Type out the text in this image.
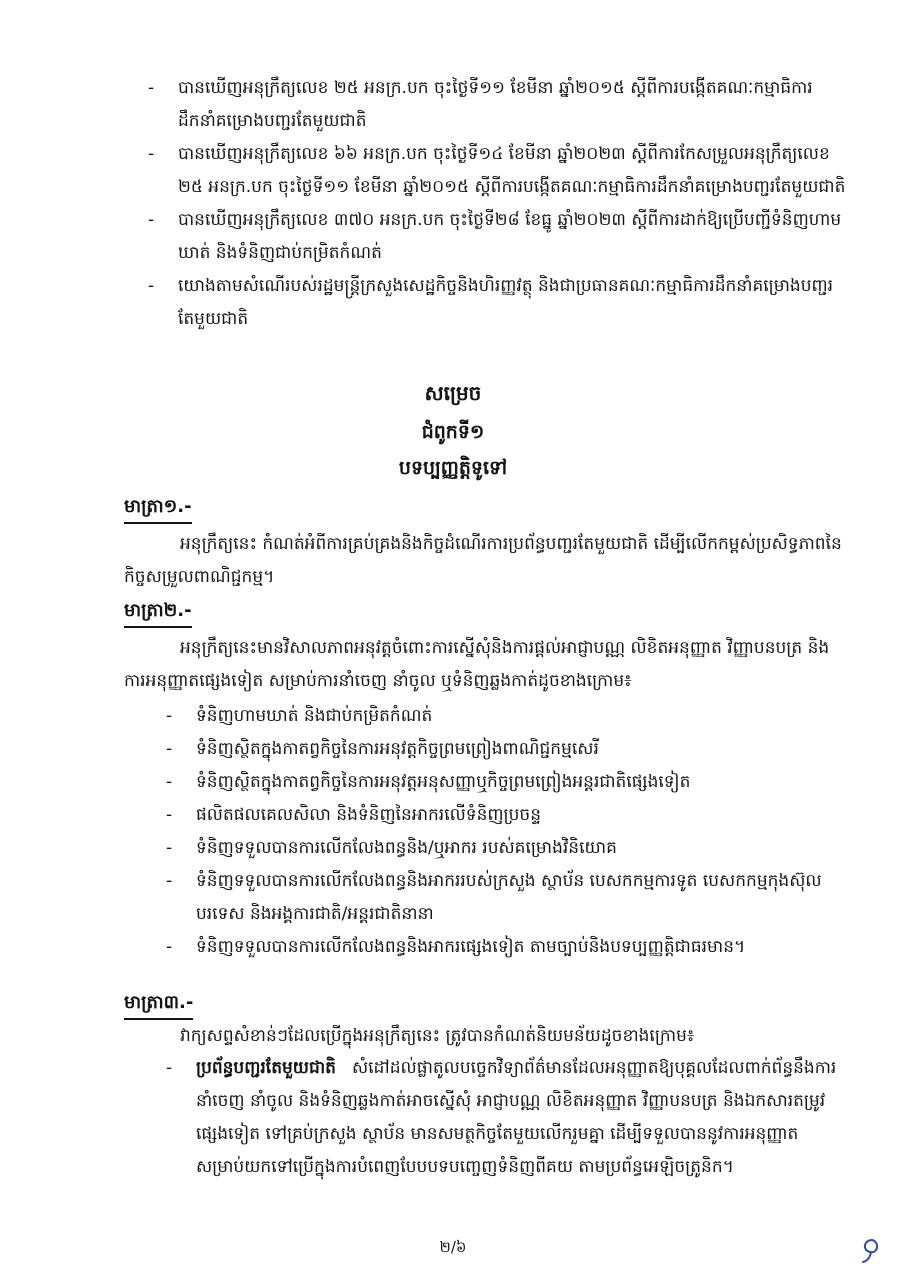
- បានឃើញអនុក្រឹត្យលេខ ២៥ អនក្រ.បក ចុះថ្ងៃទី១១ ខែមីនា ឆ្នាំ២០១៥ ស្តីពីការបង្កើតគណៈកម្មាធិការដឹកនាំគម្រោងបញ្ជរតែមួយជាតិ
- បានឃើញអនុក្រឹត្យលេខ ៦៦ អនក្រ.បក ចុះថ្ងៃទី១៤ ខែមីនា ឆ្នាំ២០២៣ ស្តីពីការកែសម្រួលអនុក្រឹត្យលេខ ២៥ អនក្រ.បក ចុះថ្ងៃទី១១ ខែមីនា ឆ្នាំ២០១៥ ស្តីពីការបង្កើតគណៈកម្មាធិការដឹកនាំគម្រោងបញ្ជរតែមួយជាតិ
- បានឃើញអនុក្រឹត្យលេខ ៣៧០ អនក្រ.បក ចុះថ្ងៃទី២៨ ខែធ្នូ ឆ្នាំ២០២៣ ស្តីពីការដាក់ឱ្យប្រើបញ្ជីទំនិញហាមឃាត់ និងទំនិញជាប់កម្រិតកំណត់
- យោងតាមសំណើរបស់រដ្ឋមន្ត្រីក្រសួងសេដ្ឋកិច្ចនិងហិរញ្ញវត្ថុ និងជាប្រធានគណៈកម្មាធិការដឹកនាំគម្រោងបញ្ជរតែមួយជាតិ
សម្រេច
ជំពូកទី១
បទប្បញ្ញត្តិទូទៅ
មាត្រា១.-
អនុក្រឹត្យនេះ កំណត់អំពីការគ្រប់គ្រងនិងកិច្ចដំណើរការប្រព័ន្ធបញ្ជរតែមួយជាតិ ដើម្បីលើកកម្ពស់ប្រសិទ្ធភាពនៃកិច្ចសម្រួលពាណិជ្ជកម្ម។
មាត្រា២.-
អនុក្រឹត្យនេះមានវិសាលភាពអនុវត្តចំពោះការស្នើសុំនិងការផ្តល់អាជ្ញាបណ្ណ លិខិតអនុញ្ញាត វិញ្ញាបនបត្រ និងការអនុញ្ញាតផ្សេងទៀត សម្រាប់ការនាំចេញ នាំចូល ឬទំនិញឆ្លងកាត់ដូចខាងក្រោម៖
- ទំនិញហាមឃាត់ និងជាប់កម្រិតកំណត់
- ទំនិញស្ថិតក្នុងកាតព្វកិច្ចនៃការអនុវត្តកិច្ចព្រមព្រៀងពាណិជ្ជកម្មសេរី
- ទំនិញស្ថិតក្នុងកាតព្វកិច្ចនៃការអនុវត្តអនុសញ្ញាឬកិច្ចព្រមព្រៀងអន្តរជាតិផ្សេងទៀត
- ផលិតផលគេលសិលា និងទំនិញនៃអាករលើទំនិញប្រចន្ទ
- ទំនិញទទួលបានការលើកលែងពន្ធនិង/ឬអាករ របស់គម្រោងវិនិយោគ
- ទំនិញទទួលបានការលើកលែងពន្ធនិងអាកររបស់ក្រសួង ស្ថាប័ន បេសកកម្មការទូត បេសកកម្មកុងស៊ុលបរទេស និងអង្គការជាតិ/អន្តរជាតិនានា
- ទំនិញទទួលបានការលើកលែងពន្ធនិងអាករផ្សេងទៀត តាមច្បាប់និងបទប្បញ្ញត្តិជាធរមាន។
មាត្រា៣.-
វាក្យសព្ទសំខាន់ៗដែលប្រើក្នុងអនុក្រឹត្យនេះ ត្រូវបានកំណត់និយមន័យដូចខាងក្រោម៖
- ប្រព័ន្ធបញ្ជរតែមួយជាតិ សំដៅដល់ផ្លាតូលបច្ចេកវិទ្យាព័ត៌មានដែលអនុញ្ញាតឱ្យបុគ្គលដែលពាក់ព័ន្ធនឹងការនាំចេញ នាំចូល និងទំនិញឆ្លងកាត់អាចស្នើសុំ អាជ្ញាបណ្ណ លិខិតអនុញ្ញាត វិញ្ញាបនបត្រ និងឯកសារតម្រូវផ្សេងទៀត ទៅគ្រប់ក្រសួង ស្ថាប័ន មានសមត្ថកិច្ចតែមួយលើករួមគ្នា ដើម្បីទទួលបាននូវការអនុញ្ញាត សម្រាប់យកទៅប្រើក្នុងការបំពេញបែបបទបញ្ចេញទំនិញពីគយ តាមប្រព័ន្ធអេឡិចត្រូនិក។
២/៦
